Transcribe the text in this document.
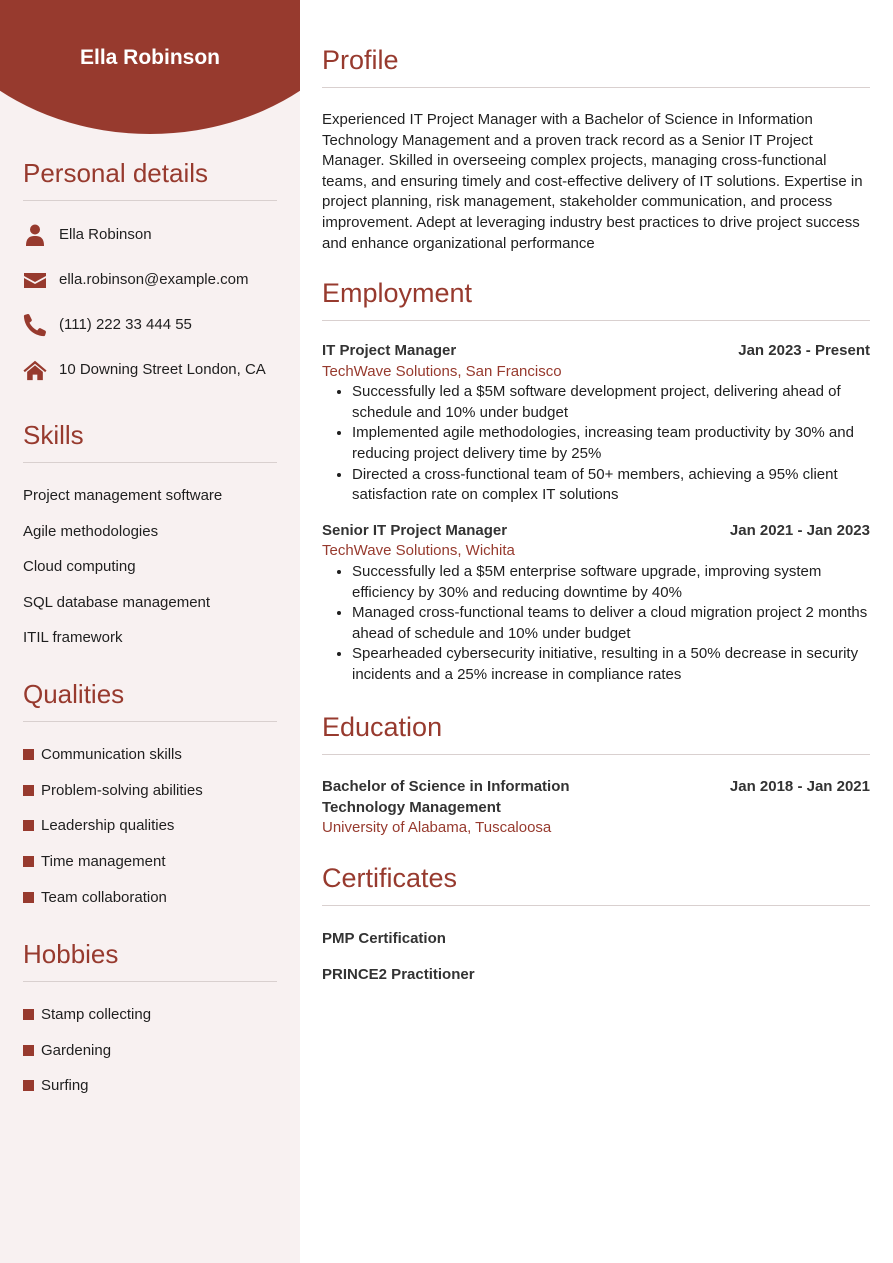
Ella Robinson
Personal details
Ella Robinson
ella.robinson@example.com
(111) 222 33 444 55
10 Downing Street London, CA
Skills
Project management software
Agile methodologies
Cloud computing
SQL database management
ITIL framework
Qualities
Communication skills
Problem-solving abilities
Leadership qualities
Time management
Team collaboration
Hobbies
Stamp collecting
Gardening
Surfing
Profile
Experienced IT Project Manager with a Bachelor of Science in Information Technology Management and a proven track record as a Senior IT Project Manager. Skilled in overseeing complex projects, managing cross-functional teams, and ensuring timely and cost-effective delivery of IT solutions. Expertise in project planning, risk management, stakeholder communication, and process improvement. Adept at leveraging industry best practices to drive project success and enhance organizational performance
Employment
IT Project Manager	Jan 2023 - Present
TechWave Solutions, San Francisco
• Successfully led a $5M software development project, delivering ahead of schedule and 10% under budget
• Implemented agile methodologies, increasing team productivity by 30% and reducing project delivery time by 25%
• Directed a cross-functional team of 50+ members, achieving a 95% client satisfaction rate on complex IT solutions
Senior IT Project Manager	Jan 2021 - Jan 2023
TechWave Solutions, Wichita
• Successfully led a $5M enterprise software upgrade, improving system efficiency by 30% and reducing downtime by 40%
• Managed cross-functional teams to deliver a cloud migration project 2 months ahead of schedule and 10% under budget
• Spearheaded cybersecurity initiative, resulting in a 50% decrease in security incidents and a 25% increase in compliance rates
Education
Bachelor of Science in Information Technology Management
Jan 2018 - Jan 2021
University of Alabama, Tuscaloosa
Certificates
PMP Certification
PRINCE2 Practitioner
